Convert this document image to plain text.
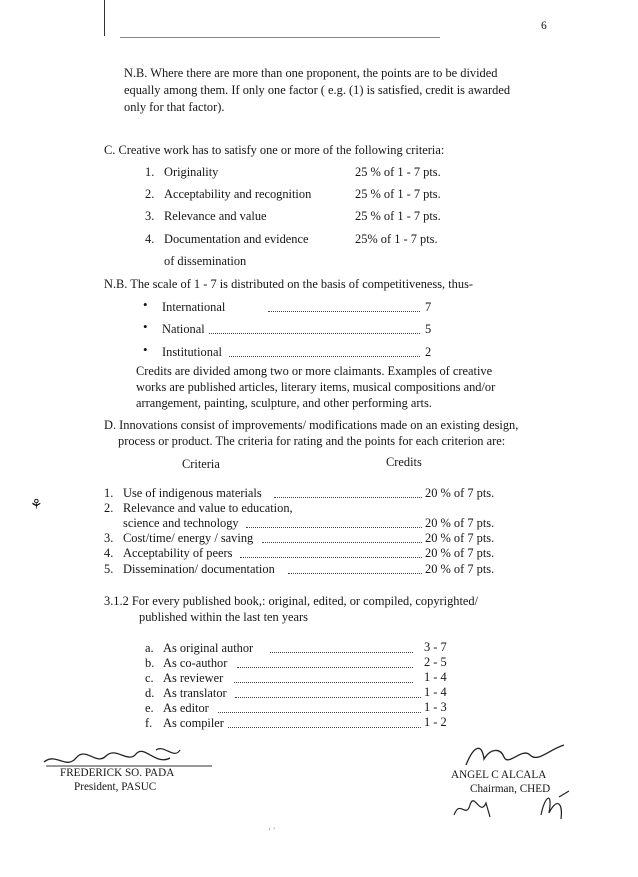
6
N.B. Where there are more than one proponent, the points are to be divided
equally among them. If only one factor ( e.g. (1) is satisfied, credit is awarded
only for that factor).
C. Creative work has to satisfy one or more of the following criteria:
1. Originality	25 % of 1 - 7 pts.
2. Acceptability and recognition	25 % of 1 - 7 pts.
3. Relevance and value	25 % of 1 - 7 pts.
4. Documentation and evidence	25% of 1 - 7 pts.
of dissemination
N.B. The scale of 1 - 7 is distributed on the basis of competitiveness, thus-
• International	7
• National	5
• Institutional	2
Credits are divided among two or more claimants. Examples of creative
works are published articles, literary items, musical compositions and/or
arrangement, painting, sculpture, and other performing arts.
D. Innovations consist of improvements/ modifications made on an existing design,
process or product. The criteria for rating and the points for each criterion are:
Criteria	Credits
⚘
1. Use of indigenous materials	20 % of 7 pts.
2. Relevance and value to education,
science and technology	20 % of 7 pts.
3. Cost/time/ energy / saving	20 % of 7 pts.
4. Acceptability of peers	20 % of 7 pts.
5. Dissemination/ documentation	20 % of 7 pts.
3.1.2 For every published book,: original, edited, or compiled, copyrighted/
published within the last ten years
a. As original author	3 - 7
b. As co-author	2 - 5
c. As reviewer	1 - 4
d. As translator	1 - 4
e. As editor	1 - 3
f. As compiler	1 - 2
FREDERICK SO. PADA
President, PASUC
ANGEL C ALCALA
Chairman, CHED
‘ ′
